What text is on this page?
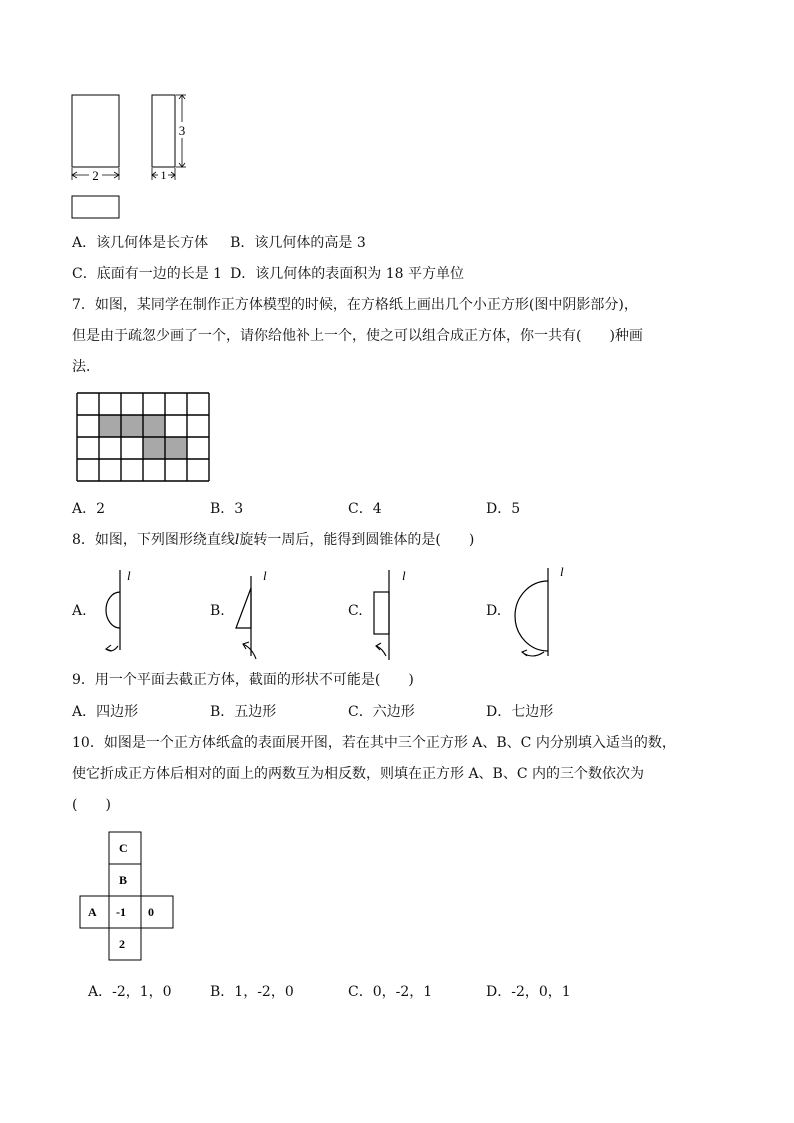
2	1
3
A．该几何体是长方体 B．该几何体的高是 3
C．底面有一边的长是 1 D．该几何体的表面积为 18 平方单位
7．如图，某同学在制作正方体模型的时候，在方格纸上画出几个小正方形(图中阴影部分)，
但是由于疏忽少画了一个，请你给他补上一个，使之可以组合成正方体，你一共有(　　)种画
法．
A．2	B．3	C．4	D．5
8．如图，下列图形绕直线l旋转一周后，能得到圆锥体的是(　　)
A.	B.	C.	D.
l	l	l	l
9．用一个平面去截正方体，截面的形状不可能是(　　)
A．四边形	B．五边形	C．六边形	D．七边形
10．如图是一个正方体纸盒的表面展开图，若在其中三个正方形 A、B、C 内分别填入适当的数，
使它折成正方体后相对的面上的两数互为相反数，则填在正方形 A、B、C 内的三个数依次为
(　　)
C
B
A -1 0
2
A．-2，1，0	B．1，-2，0	C．0，-2，1	D．-2，0，1
